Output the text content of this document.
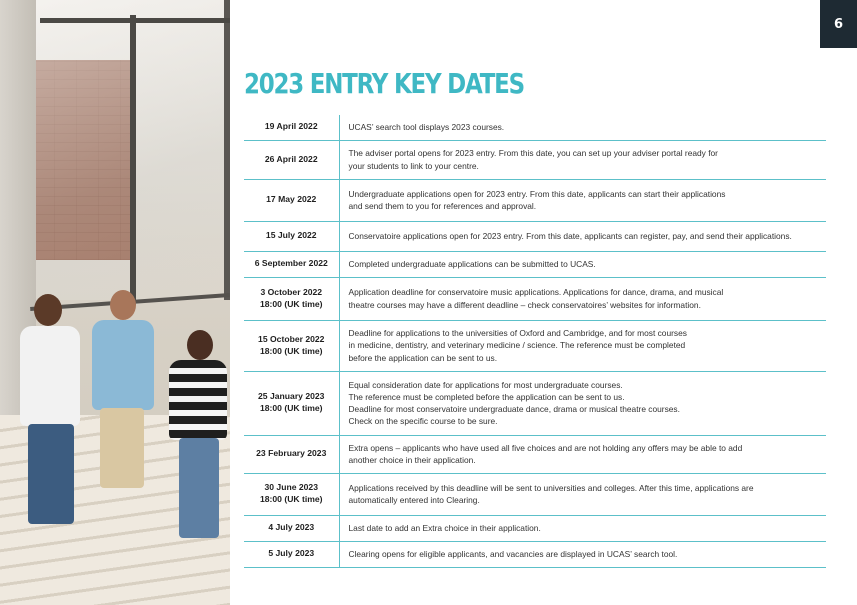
6
2023 ENTRY KEY DATES
19 April 2022	UCAS’ search tool displays 2023 courses.

26 April 2022	The adviser portal opens for 2023 entry. From this date, you can set up your adviser portal ready for
your students to link to your centre.

17 May 2022	Undergraduate applications open for 2023 entry. From this date, applicants can start their applications
and send them to you for references and approval.

15 July 2022	Conservatoire applications open for 2023 entry. From this date, applicants can register, pay, and send their applications.

6 September 2022	Completed undergraduate applications can be submitted to UCAS.

3 October 2022
18:00 (UK time)	Application deadline for conservatoire music applications. Applications for dance, drama, and musical
theatre courses may have a different deadline – check conservatoires’ websites for information.

15 October 2022
18:00 (UK time)	Deadline for applications to the universities of Oxford and Cambridge, and for most courses
in medicine, dentistry, and veterinary medicine / science. The reference must be completed
before the application can be sent to us.

25 January 2023
18:00 (UK time)	Equal consideration date for applications for most undergraduate courses.
The reference must be completed before the application can be sent to us.
Deadline for most conservatoire undergraduate dance, drama or musical theatre courses.
Check on the specific course to be sure.

23 February 2023	Extra opens – applicants who have used all five choices and are not holding any offers may be able to add
another choice in their application.

30 June 2023
18:00 (UK time)	Applications received by this deadline will be sent to universities and colleges. After this time, applications are
automatically entered into Clearing.

4 July 2023	Last date to add an Extra choice in their application.

5 July 2023	Clearing opens for eligible applicants, and vacancies are displayed in UCAS’ search tool.
